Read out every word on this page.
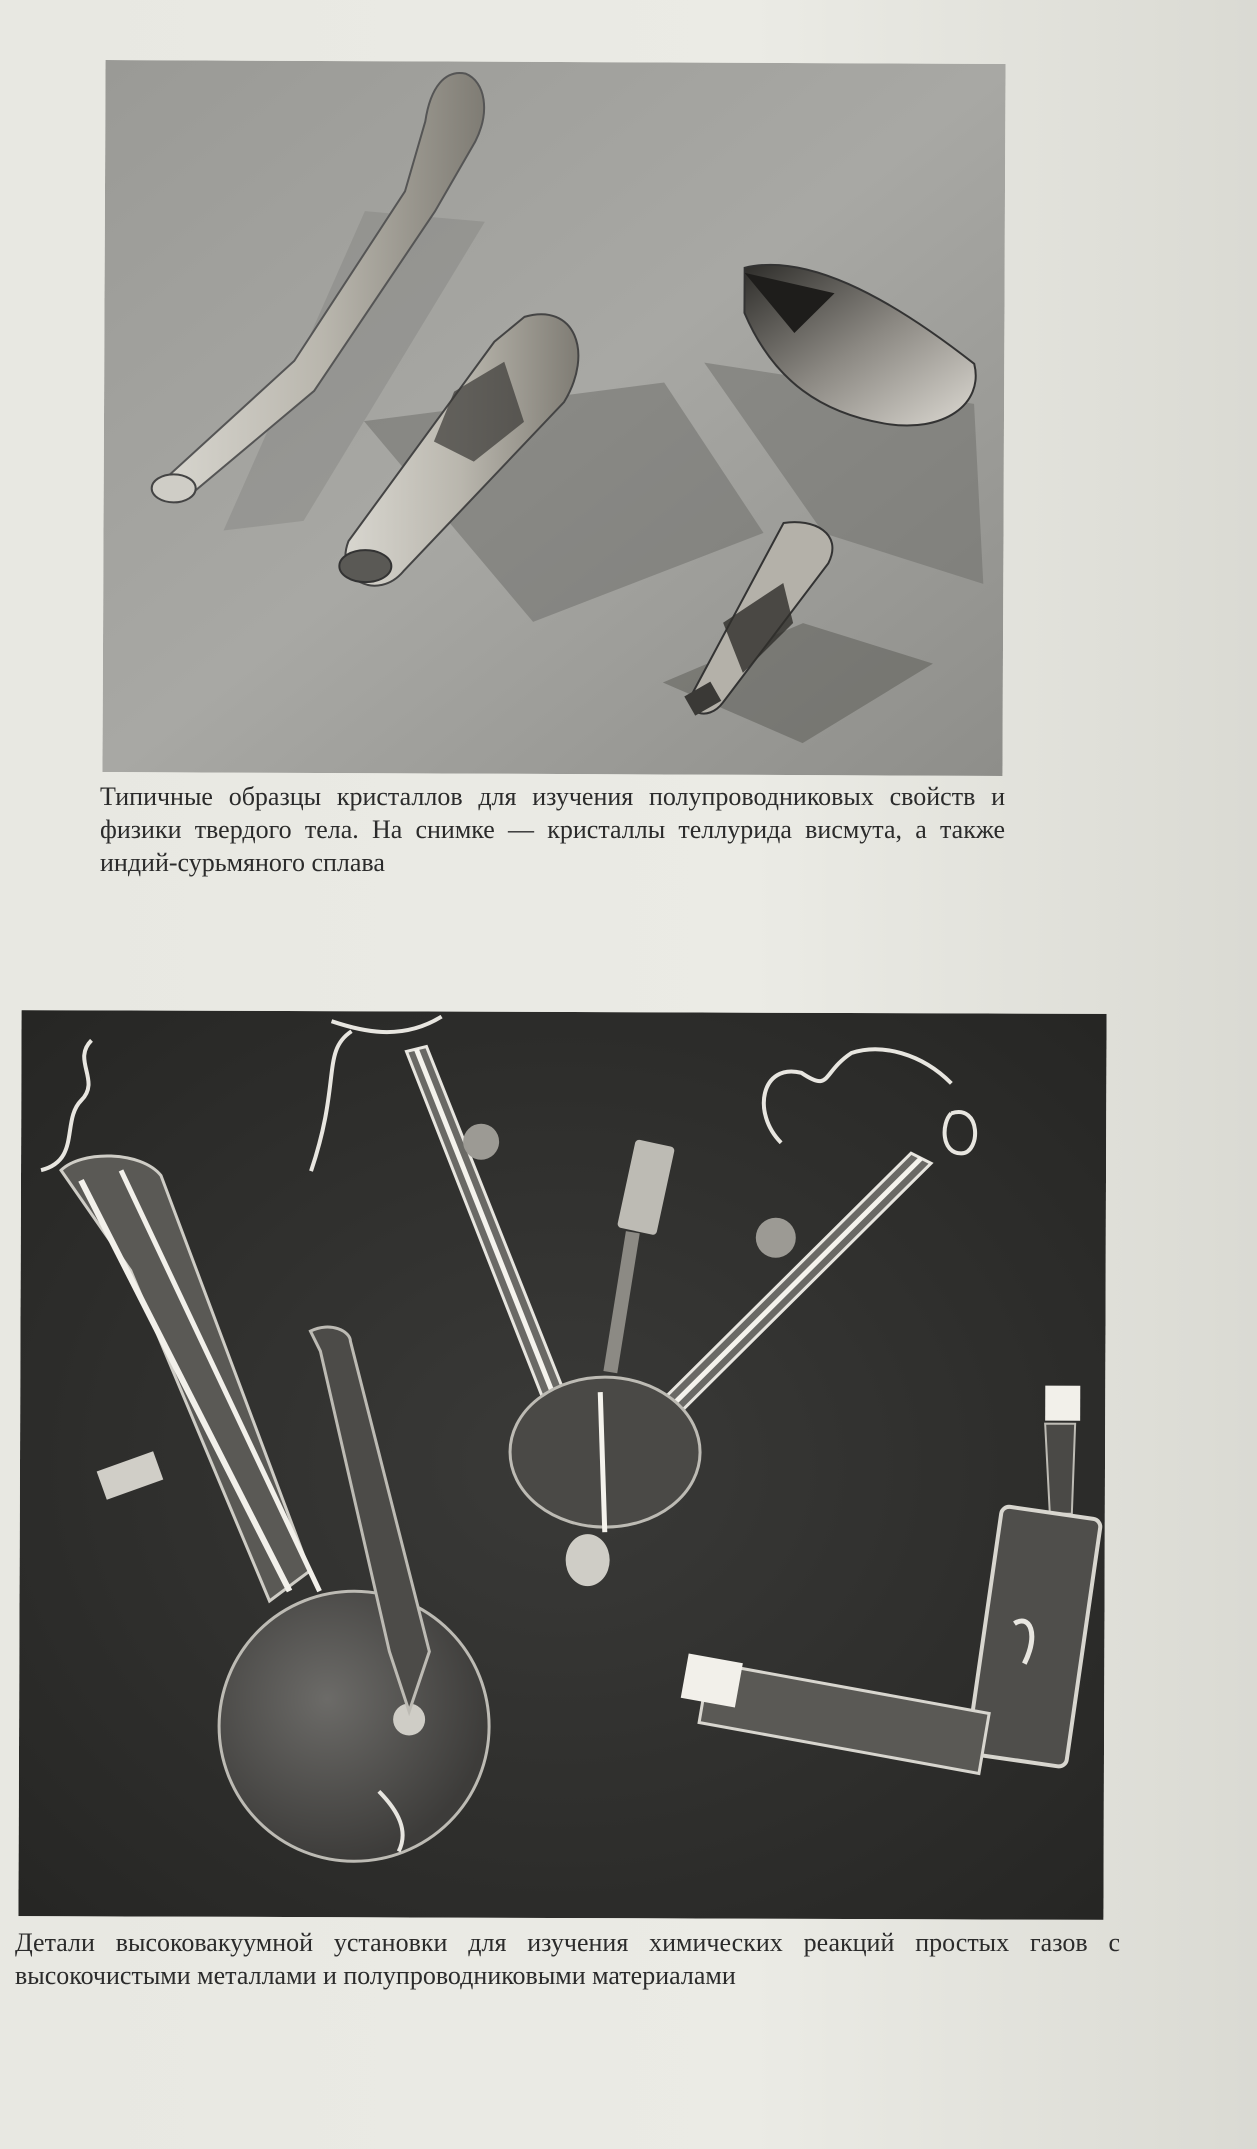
Типичные образцы кристаллов для изучения полупроводниковых свойств и физики твердого тела. На снимке — кристаллы теллурида висмута, а также индий-сурьмяного сплава

Детали высоковакуумной установки для изучения химических реакций простых газов с высокочистыми металлами и полупроводниковыми материалами
